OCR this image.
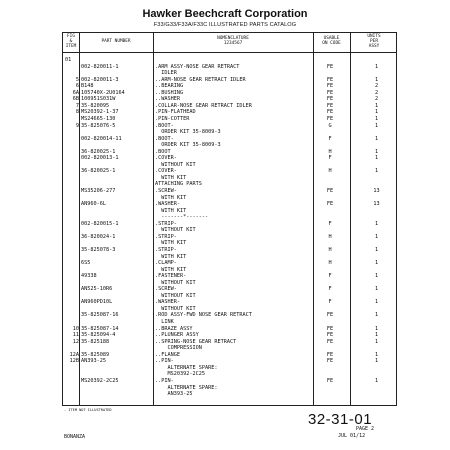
Hawker Beechcraft Corporation
F33/G33/F33A/F33C ILLUSTRATED PARTS CATALOG
FIG
&
ITEM
PART NUMBER
NOMENCLATURE
1234567
USABLE
ON CODE
UNITS
PER
ASSY
01
002-820011-1	.ARM ASSY-NOSE GEAR RETRACT	FE	1
IDLER
5 002-820011-3	..ARM-NOSE GEAR RETRACT IDLER	FE	1
6 B148	..BEARING	FE	2
6A 105740X-2U0164	..BUSHING	FE	2
6B 100951S031W	..WASHER	FE	2
7 35-820095	.COLLAR-NOSE GEAR RETRACT IDLER	FE	1
8 MS20392-1-37	.PIN-FLATHEAD	FE	1
MS24665-130	.PIN-COTTER	FE	1
9 35-825076-5	.BOOT-	G	1
ORDER KIT 35-8009-3
002-820014-11	.BOOT-	F	1
ORDER KIT 35-8009-3
36-820025-1	.BOOT	H	1
002-820013-1	.COVER-	F	1
WITHOUT KIT
36-820025-1	.COVER-	H	1
WITH KIT
ATTACHING PARTS
MS35206-277	.SCREW-	FE	13
WITH KIT
AN960-6L	.WASHER-	FE	13
WITH KIT
-------*-------
002-820015-1	.STRIP-	F	1
WITHOUT KIT
36-820024-1	.STRIP-	H	1
WITH KIT
35-825078-3	.STRIP-	H	1
WITH KIT
6S5	.CLAMP-	H	1
WITH KIT
49338	.FASTENER-	F	1
WITHOUT KIT
AN525-10R6	.SCREW-	F	1
WITHOUT KIT
AN960PD10L	.WASHER-	F	1
WITHOUT KIT
35-825087-16	.ROD ASSY-FWD NOSE GEAR RETRACT	FE	1
LINK
10 35-825087-14	..BRAZE ASSY	FE	1
11 35-825094-4	..PLUNGER ASSY	FE	1
12 35-825188	..SPRING-NOSE GEAR RETRACT	FE	1
COMPRESSION
12A 35-825089	..FLANGE	FE	1
12B AN393-25	..PIN-	FE	1
ALTERNATE SPARE:
MS20392-2C25
MS20392-2C25	..PIN-	FE	1
ALTERNATE SPARE:
AN393-25
- ITEM NOT ILLUSTRATED
32-31-01
PAGE 2
JUL 01/12
BONANZA
